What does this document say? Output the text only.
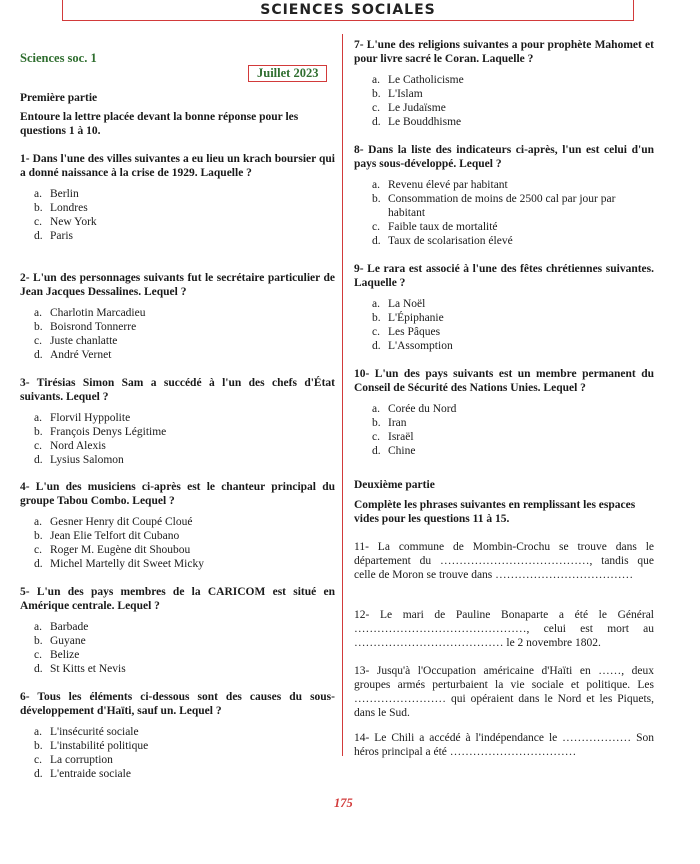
SCIENCES SOCIALES
Sciences soc. 1
Juillet 2023
Première partie
Entoure la lettre placée devant la bonne réponse pour les questions 1 à 10.
1- Dans l'une des villes suivantes a eu lieu un krach boursier qui a donné naissance à la crise de 1929. Laquelle ?
a. Berlin
b. Londres
c. New York
d. Paris
2- L'un des personnages suivants fut le secrétaire particulier de Jean Jacques Dessalines. Lequel ?
a. Charlotin Marcadieu
b. Boisrond Tonnerre
c. Juste chanlatte
d. André Vernet
3- Tirésias Simon Sam a succédé à l'un des chefs d'État suivants. Lequel ?
a. Florvil Hyppolite
b. François Denys Légitime
c. Nord Alexis
d. Lysius Salomon
4- L'un des musiciens ci-après est le chanteur principal du groupe Tabou Combo. Lequel ?
a. Gesner Henry dit Coupé Cloué
b. Jean Elie Telfort dit Cubano
c. Roger M. Eugène dit Shoubou
d. Michel Martelly dit Sweet Micky
5- L'un des pays membres de la CARICOM est situé en Amérique centrale. Lequel ?
a. Barbade
b. Guyane
c. Belize
d. St Kitts et Nevis
6- Tous les éléments ci-dessous sont des causes du sous-développement d'Haïti, sauf un. Lequel ?
a. L'insécurité sociale
b. L'instabilité politique
c. La corruption
d. L'entraide sociale
7- L'une des religions suivantes a pour prophète Mahomet et pour livre sacré le Coran. Laquelle ?
a. Le Catholicisme
b. L'Islam
c. Le Judaïsme
d. Le Bouddhisme
8- Dans la liste des indicateurs ci-après, l'un est celui d'un pays sous-développé. Lequel ?
a. Revenu élevé par habitant
b. Consommation de moins de 2500 cal par jour par habitant
c. Faible taux de mortalité
d. Taux de scolarisation élevé
9- Le rara est associé à l'une des fêtes chrétiennes suivantes. Laquelle ?
a. La Noël
b. L'Épiphanie
c. Les Pâques
d. L'Assomption
10- L'un des pays suivants est un membre permanent du Conseil de Sécurité des Nations Unies. Lequel ?
a. Corée du Nord
b. Iran
c. Israël
d. Chine
Deuxième partie
Complète les phrases suivantes en remplissant les espaces vides pour les questions 11 à 15.
11- La commune de Mombin-Crochu se trouve dans le département du …………………………………, tandis que celle de Moron se trouve dans ………………………………
12- Le mari de Pauline Bonaparte a été le Général ………………………………………, celui est mort au ………………………………… le 2 novembre 1802.
13- Jusqu'à l'Occupation américaine d'Haïti en ……, deux groupes armés perturbaient la vie sociale et politique. Les …………………… qui opéraient dans le Nord et les Piquets, dans le Sud.
14- Le Chili a accédé à l'indépendance le ……………… Son héros principal a été ……………………………
175
